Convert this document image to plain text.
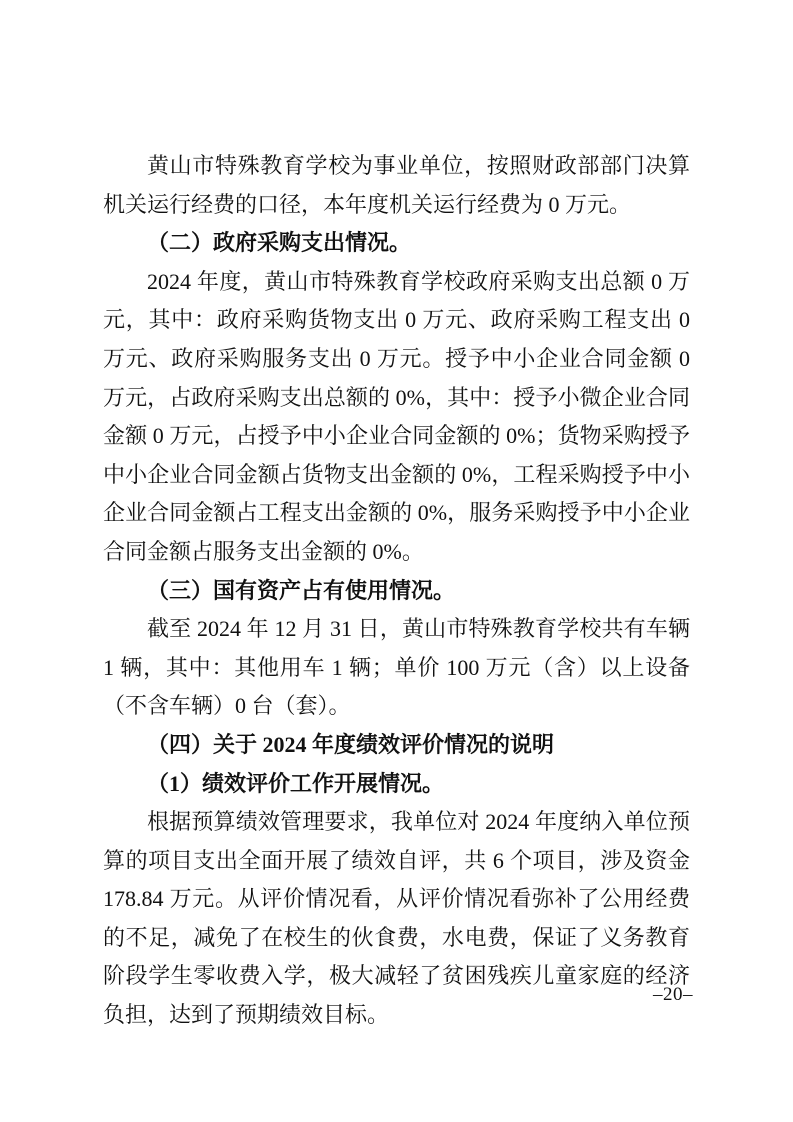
黄山市特殊教育学校为事业单位，按照财政部部门决算机关运行经费的口径，本年度机关运行经费为 0 万元。

（二）政府采购支出情况。

2024 年度，黄山市特殊教育学校政府采购支出总额 0 万元，其中：政府采购货物支出 0 万元、政府采购工程支出 0 万元、政府采购服务支出 0 万元。授予中小企业合同金额 0 万元，占政府采购支出总额的 0%，其中：授予小微企业合同金额 0 万元，占授予中小企业合同金额的 0%；货物采购授予中小企业合同金额占货物支出金额的 0%，工程采购授予中小企业合同金额占工程支出金额的 0%，服务采购授予中小企业合同金额占服务支出金额的 0%。

（三）国有资产占有使用情况。

截至 2024 年 12 月 31 日，黄山市特殊教育学校共有车辆 1 辆，其中：其他用车 1 辆；单价 100 万元（含）以上设备（不含车辆）0 台（套）。

（四）关于 2024 年度绩效评价情况的说明

（1）绩效评价工作开展情况。

根据预算绩效管理要求，我单位对 2024 年度纳入单位预算的项目支出全面开展了绩效自评，共 6 个项目，涉及资金 178.84 万元。从评价情况看，从评价情况看弥补了公用经费的不足，减免了在校生的伙食费，水电费，保证了义务教育阶段学生零收费入学，极大减轻了贫困残疾儿童家庭的经济负担，达到了预期绩效目标。

–20–
